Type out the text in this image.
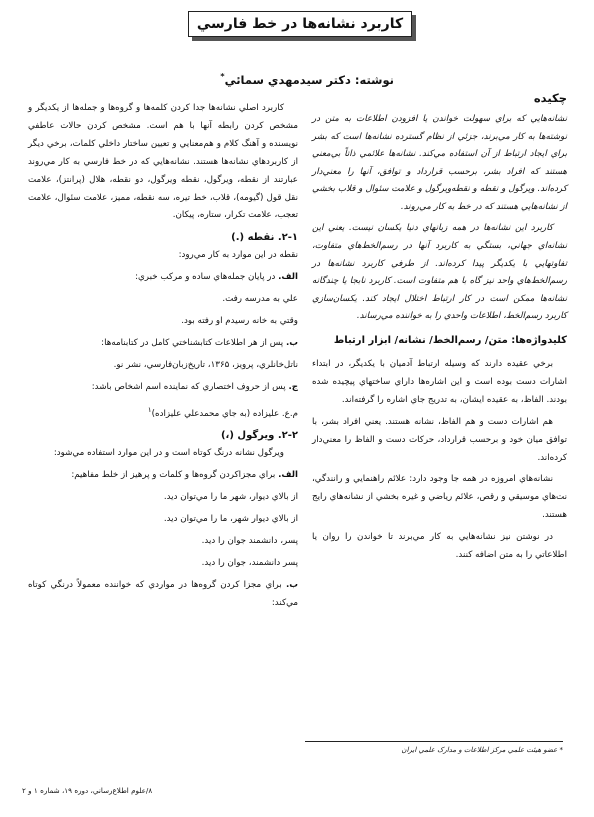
کاربرد نشانه‌ها در خط فارسي
نوشته: دکتر سيدمهدي سمائي*
چکيده

نشانه‌هايي که براي سهولت خواندن يا افزودن اطلاعات به متن در نوشته‌ها به کار مي‌برند، جزئي از نظام گسترده نشانه‌ها است که بشر براي ايجاد ارتباط از آن استفاده مي‌کند. نشانه‌ها علائمي ذاتاً بي‌معني هستند که افراد بشر، برحسب قرارداد و توافق، آنها را معني‌دار کرده‌اند. ويرگول و نقطه و نقطه‌ويرگول و علامت سئوال و قلاب بخشي از نشانه‌هايي هستند که در خط به کار مي‌روند.

کاربرد اين نشانه‌ها در همه زبانهاي دنيا يکسان نيست. يعني اين نشانه‌اي جهاني، بستگي به کاربرد آنها در رسم‌الخط‌هاي متفاوت، تفاوتهايي با يکديگر پيدا کرده‌اند. از طرفي کاربرد نشانه‌ها در رسم‌الخط‌هاي واحد نيز گاه با هم متفاوت است. کاربرد نابجا يا چندگانه نشانه‌ها ممکن است در کار ارتباط اختلال ايجاد کند. يکسان‌سازي کاربرد رسم‌الخط، اطلاعات واحدي را به خواننده مي‌رساند.

کليدواژه‌ها: متن/ رسم‌الخط/ نشانه/ ابزار ارتباط

برخي عقيده دارند که وسيله ارتباط آدميان با يکديگر، در ابتداء اشارات دست بوده است و اين اشاره‌ها داراي ساختهاي پيچيده شده بودند. الفاظ، به عقيده ايشان، به تدريج جاي اشاره را گرفته‌اند.

هم اشارات دست و هم الفاظ، نشانه هستند. يعني افراد بشر، با توافق ميان خود و برحسب قرارداد، حرکات دست و الفاظ را معني‌دار کرده‌اند.

نشانه‌هاي امروزه در همه جا وجود دارد: علائم راهنمايي و رانندگي، نت‌هاي موسيقي و رقص، علائم رياضي و غيره بخشي از نشانه‌هاي رايج هستند.

در نوشتن نيز نشانه‌هايي به کار مي‌برند تا خواندن را روان يا اطلاعاتي را به متن اضافه کنند.

کاربرد اصلي نشانه‌ها جدا کردن کلمه‌ها و گروه‌ها و جمله‌ها از يکديگر و مشخص کردن رابطه آنها با هم است. مشخص کردن حالات عاطفي نويسنده و آهنگ کلام و هم‌معنايي و تعيين ساختار داخلي کلمات، برخي ديگر از کاربردهاي نشانه‌ها هستند. نشانه‌هايي که در خط فارسي به کار مي‌روند عبارتند از نقطه، ويرگول، نقطه ويرگول، دو نقطه، هلال (پرانتز)، علامت نقل قول (گيومه)، قلاب، خط تيره، سه نقطه، مميز، علامت سئوال، علامت تعجب، علامت تکرار، ستاره، پيکان.

۲-۱. نقطه (.)

نقطه در اين موارد به کار مي‌رود:

الف. در پايان جمله‌هاي ساده و مرکب خبري:

علي به مدرسه رفت.

وقتي به خانه رسيدم او رفته بود.

ب. پس از هر اطلاعات کتابشناختي کامل در کتابنامه‌ها:

ناتل‌خانلري، پرويز، ۱۳۶۵، تاريخ‌زبان‌فارسي، نشر نو.

ج. پس از حروف اختصاري که نماينده اسم اشخاص باشد:

م.ع. عليزاده (به جاي محمدعلي عليزاده)$^۱$

۲-۲. ويرگول (،)

ويرگول نشانه درنگ کوتاه است و در اين موارد استفاده مي‌شود:

الف. براي مجزاکردن گروه‌ها و کلمات و پرهيز از خلط مفاهيم:

از بالاي ديوار، شهر ما را مي‌توان ديد.

از بالاي ديوار شهر، ما را مي‌توان ديد.

پسر، دانشمند جوان را ديد.

پسر دانشمند، جوان را ديد.

ب. براي مجزا کردن گروه‌ها در مواردي که خواننده معمولاً درنگي کوتاه مي‌کند:

* عضو هيئت علمي مرکز اطلاعات و مدارک علمي ايران
۸/علوم اطلاع‌رساني، دوره ۱۹، شماره ۱ و ۲
